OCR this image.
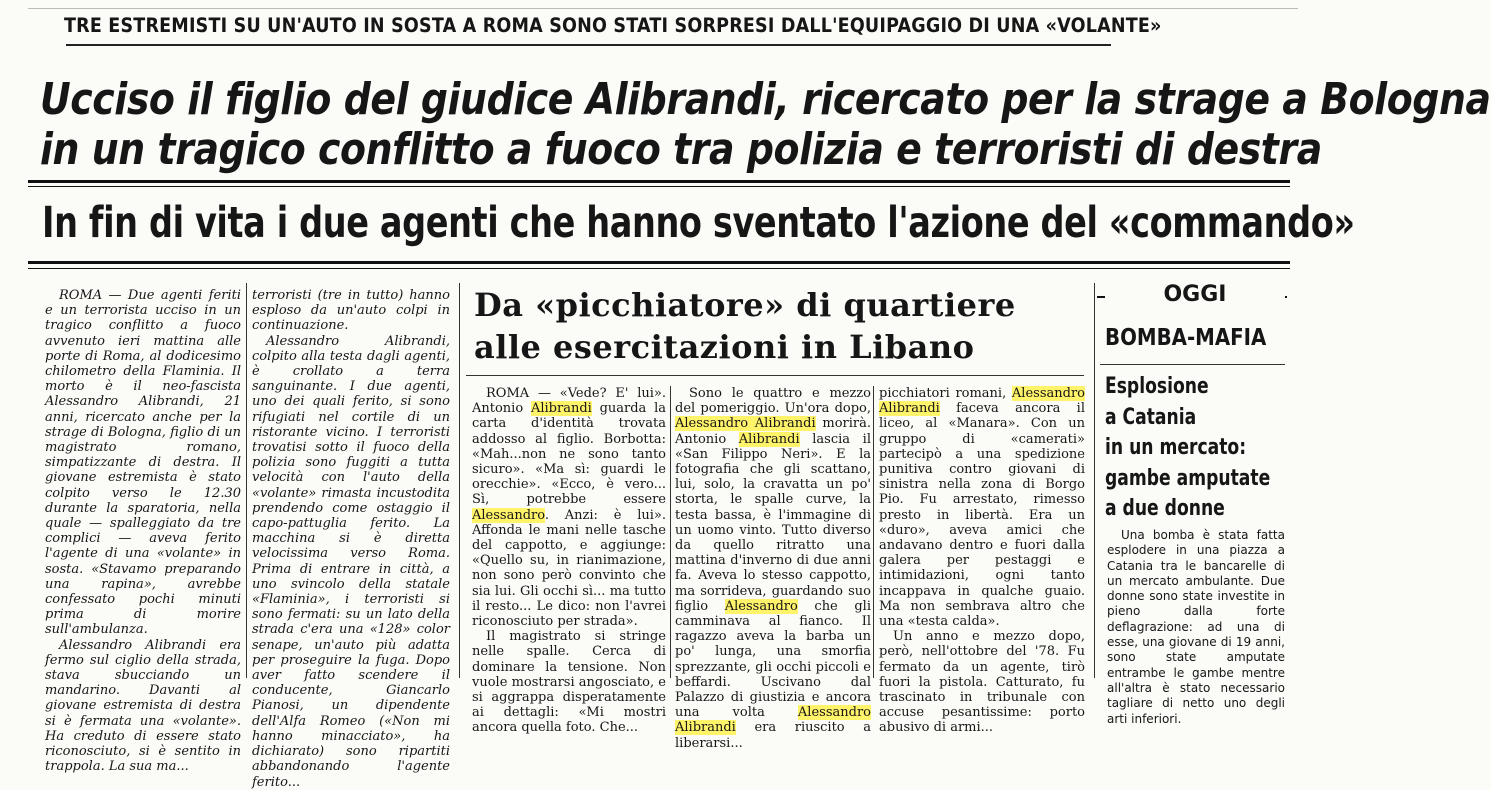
TRE ESTREMISTI SU UN'AUTO IN SOSTA A ROMA SONO STATI SORPRESI DALL'EQUIPAGGIO DI UNA «VOLANTE»
Ucciso il figlio del giudice Alibrandi, ricercato per la strage a Bologna
in un tragico conflitto a fuoco tra polizia e terroristi di destra
In fin di vita i due agenti che hanno sventato l'azione del «commando»

ROMA — Due agenti feriti e un terrorista ucciso in un tragico conflitto a fuoco avvenuto ieri mattina alle porte di Roma, al dodicesimo chilometro della Flaminia. Il morto è il neo-fascista Alessandro Alibrandi, 21 anni, ricercato anche per la strage di Bologna, figlio di un magistrato romano, simpatizzante di destra. Il giovane estremista è stato colpito verso le 12.30 durante la sparatoria, nella quale — spalleggiato da tre complici — aveva ferito l'agente di una «volante» in sosta. «Stavamo preparando una rapina», avrebbe confessato pochi minuti prima di morire sull'ambulanza.

Alessandro Alibrandi era fermo sul ciglio della strada, stava sbucciando un mandarino. Davanti al giovane estremista di destra si è fermata una «volante». Ha creduto di essere stato riconosciuto, si è sentito in trappola. La sua ma...

terroristi (tre in tutto) hanno esploso da un'auto colpi in continuazione.

Alessandro Alibrandi, colpito alla testa dagli agenti, è crollato a terra sanguinante. I due agenti, uno dei quali ferito, si sono rifugiati nel cortile di un ristorante vicino. I terroristi trovatisi sotto il fuoco della polizia sono fuggiti a tutta velocità con l'auto della «volante» rimasta incustodita prendendo come ostaggio il capo-pattuglia ferito. La macchina si è diretta velocissima verso Roma. Prima di entrare in città, a uno svincolo della statale «Flaminia», i terroristi si sono fermati: su un lato della strada c'era una «128» color senape, un'auto più adatta per proseguire la fuga. Dopo aver fatto scendere il conducente, Giancarlo Pianosi, un dipendente dell'Alfa Romeo («Non mi hanno minacciato», ha dichiarato) sono ripartiti abbandonando l'agente ferito...

Da «picchiatore» di quartiere alle esercitazioni in Libano

ROMA — «Vede? E' lui». Antonio Alibrandi guarda la carta d'identità trovata addosso al figlio. Borbotta: «Mah...non ne sono tanto sicuro». «Ma sì: guardi le orecchie». «Ecco, è vero... Sì, potrebbe essere Alessandro. Anzi: è lui». Affonda le mani nelle tasche del cappotto, e aggiunge: «Quello su, in rianimazione, non sono però convinto che sia lui. Gli occhi sì... ma tutto il resto... Le dico: non l'avrei riconosciuto per strada».

Il magistrato si stringe nelle spalle. Cerca di dominare la tensione. Non vuole mostrarsi angosciato, e si aggrappa disperatamente ai dettagli: «Mi mostri ancora quella foto. Che...

Sono le quattro e mezzo del pomeriggio. Un'ora dopo, Alessandro Alibrandi morirà. Antonio Alibrandi lascia il «San Filippo Neri». E la fotografia che gli scattano, lui, solo, la cravatta un po' storta, le spalle curve, la testa bassa, è l'immagine di un uomo vinto. Tutto diverso da quello ritratto una mattina d'inverno di due anni fa. Aveva lo stesso cappotto, ma sorrideva, guardando suo figlio Alessandro che gli camminava al fianco. Il ragazzo aveva la barba un po' lunga, una smorfia sprezzante, gli occhi piccoli e beffardi. Uscivano dal Palazzo di giustizia e ancora una volta Alessandro Alibrandi era riuscito a liberarsi...

picchiatori romani, Alessandro Alibrandi faceva ancora il liceo, al «Manara». Con un gruppo di «camerati» partecipò a una spedizione punitiva contro giovani di sinistra nella zona di Borgo Pio. Fu arrestato, rimesso presto in libertà. Era un «duro», aveva amici che andavano dentro e fuori dalla galera per pestaggi e intimidazioni, ogni tanto incappava in qualche guaio. Ma non sembrava altro che una «testa calda».

Un anno e mezzo dopo, però, nell'ottobre del '78. Fu fermato da un agente, tirò fuori la pistola. Catturato, fu trascinato in tribunale con accuse pesantissime: porto abusivo di armi...

OGGI
BOMBA-MAFIA
Esplosione
a Catania
in un mercato:
gambe amputate
a due donne

Una bomba è stata fatta esplodere in una piazza a Catania tra le bancarelle di un mercato ambulante. Due donne sono state investite in pieno dalla forte deflagrazione: ad una di esse, una giovane di 19 anni, sono state amputate entrambe le gambe mentre all'altra è stato necessario tagliare di netto uno degli arti inferiori.
